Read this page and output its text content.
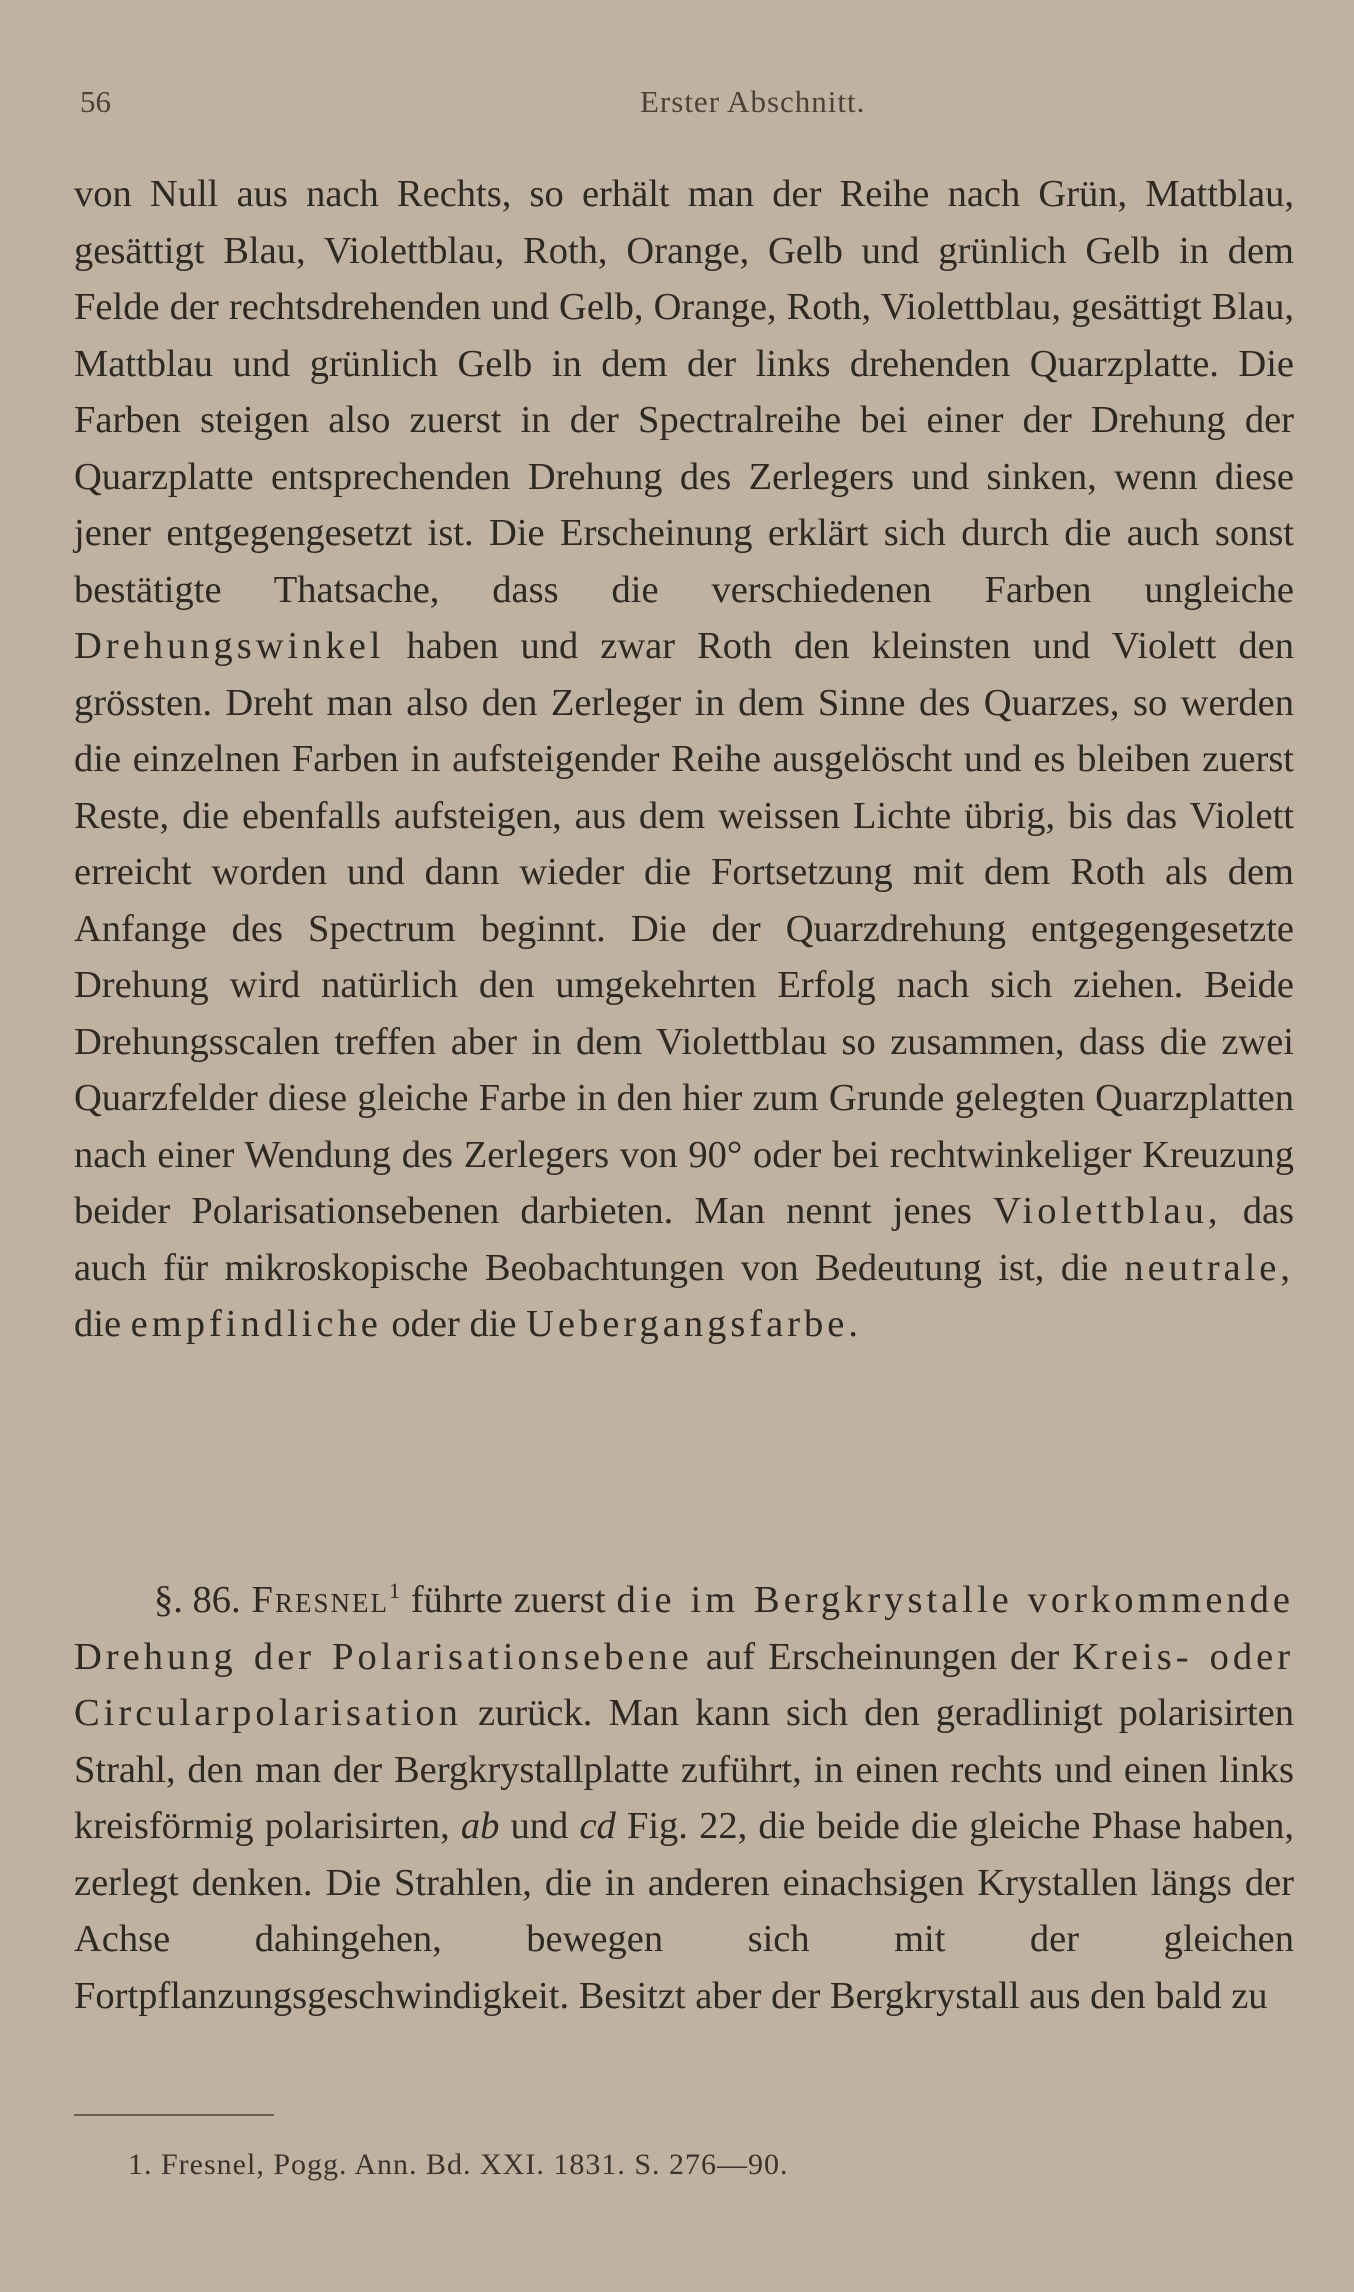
56	Erster Abschnitt.

von Null aus nach Rechts, so erhält man der Reihe nach Grün, Mattblau, gesättigt Blau, Violettblau, Roth, Orange, Gelb und grünlich Gelb in dem Felde der rechtsdrehenden und Gelb, Orange, Roth, Violettblau, gesättigt Blau, Mattblau und grünlich Gelb in dem der links drehenden Quarzplatte. Die Farben steigen also zuerst in der Spectralreihe bei einer der Drehung der Quarzplatte entsprechenden Drehung des Zerlegers und sinken, wenn diese jener entgegengesetzt ist. Die Erscheinung erklärt sich durch die auch sonst bestätigte Thatsache, dass die verschiedenen Farben ungleiche Drehungswinkel haben und zwar Roth den kleinsten und Violett den grössten. Dreht man also den Zerleger in dem Sinne des Quarzes, so werden die einzelnen Farben in aufsteigender Reihe ausgelöscht und es bleiben zuerst Reste, die ebenfalls aufsteigen, aus dem weissen Lichte übrig, bis das Violett erreicht worden und dann wieder die Fortsetzung mit dem Roth als dem Anfange des Spectrum beginnt. Die der Quarzdrehung entgegengesetzte Drehung wird natürlich den umgekehrten Erfolg nach sich ziehen. Beide Drehungsscalen treffen aber in dem Violettblau so zusammen, dass die zwei Quarzfelder diese gleiche Farbe in den hier zum Grunde gelegten Quarzplatten nach einer Wendung des Zerlegers von 90° oder bei rechtwinkeliger Kreuzung beider Polarisationsebenen darbieten. Man nennt jenes Violettblau, das auch für mikroskopische Beobachtungen von Bedeutung ist, die neutrale, die empfindliche oder die Uebergangsfarbe.

§. 86. Fresnel$^1$ führte zuerst die im Bergkrystalle vorkommende Drehung der Polarisationsebene auf Erscheinungen der Kreis- oder Circularpolarisation zurück. Man kann sich den geradlinigt polarisirten Strahl, den man der Bergkrystallplatte zuführt, in einen rechts und einen links kreisförmig polarisirten, ab und cd Fig. 22, die beide die gleiche Phase haben, zerlegt denken. Die Strahlen, die in anderen einachsigen Krystallen längs der Achse dahingehen, bewegen sich mit der gleichen Fortpflanzungsgeschwindigkeit. Besitzt aber der Bergkrystall aus den bald zu

1. Fresnel, Pogg. Ann. Bd. XXI. 1831. S. 276—90.
